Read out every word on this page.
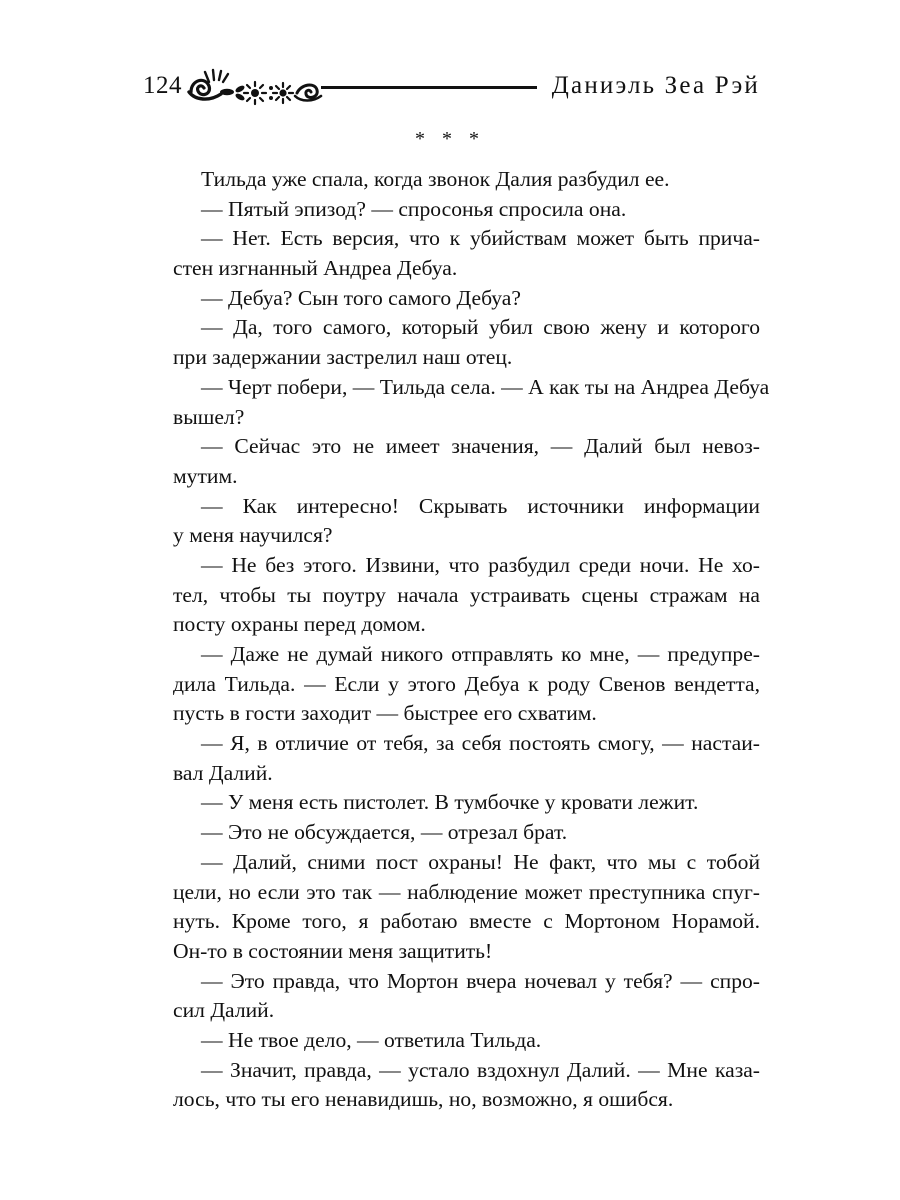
124	Даниэль Зеа Рэй
* * *
Тильда уже спала, когда звонок Далия разбудил ее.
— Пятый эпизод? — спросонья спросила она.
— Нет. Есть версия, что к убийствам может быть прича-
стен изгнанный Андреа Дебуа.
— Дебуа? Сын того самого Дебуа?
— Да, того самого, который убил свою жену и которого
при задержании застрелил наш отец.
— Черт побери, — Тильда села. — А как ты на Андреа Дебуа
вышел?
— Сейчас это не имеет значения, — Далий был невоз-
мутим.
— Как интересно! Скрывать источники информации
у меня научился?
— Не без этого. Извини, что разбудил среди ночи. Не хо-
тел, чтобы ты поутру начала устраивать сцены стражам на
посту охраны перед домом.
— Даже не думай никого отправлять ко мне, — предупре-
дила Тильда. — Если у этого Дебуа к роду Свенов вендетта,
пусть в гости заходит — быстрее его схватим.
— Я, в отличие от тебя, за себя постоять смогу, — настаи-
вал Далий.
— У меня есть пистолет. В тумбочке у кровати лежит.
— Это не обсуждается, — отрезал брат.
— Далий, сними пост охраны! Не факт, что мы с тобой
цели, но если это так — наблюдение может преступника спуг-
нуть. Кроме того, я работаю вместе с Мортоном Норамой.
Он-то в состоянии меня защитить!
— Это правда, что Мортон вчера ночевал у тебя? — спро-
сил Далий.
— Не твое дело, — ответила Тильда.
— Значит, правда, — устало вздохнул Далий. — Мне каза-
лось, что ты его ненавидишь, но, возможно, я ошибся.
